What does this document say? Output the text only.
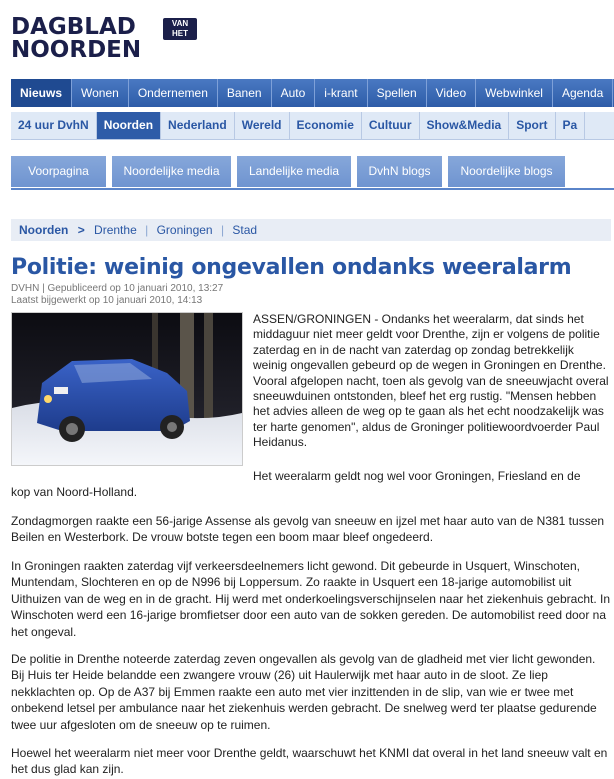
DAGBLAD	VAN HET
NOORDEN
Nieuws Wonen Ondernemen Banen Auto i-krant Spellen Video Webwinkel Agenda
24 uur DvhN Noorden Nederland Wereld Economie Cultuur Show&Media Sport Pa
Voorpagina	Noordelijke media	Landelijke media	DvhN blogs	Noordelijke blogs
Noorden > Drenthe | Groningen | Stad
Politie: weinig ongevallen ondanks weeralarm
DVHN | Gepubliceerd op 10 januari 2010, 13:27
Laatst bijgewerkt op 10 januari 2010, 14:13
ASSEN/GRONINGEN - Ondanks het weeralarm, dat sinds het middaguur niet meer geldt voor Drenthe, zijn er volgens de politie zaterdag en in de nacht van zaterdag op zondag betrekkelijk weinig ongevallen gebeurd op de wegen in Groningen en Drenthe. Vooral afgelopen nacht, toen als gevolg van de sneeuwjacht overal sneeuwduinen ontstonden, bleef het erg rustig. "Mensen hebben het advies alleen de weg op te gaan als het echt noodzakelijk was ter harte genomen", aldus de Groninger politiewoordvoerder Paul Heidanus.
Het weeralarm geldt nog wel voor Groningen, Friesland en de
kop van Noord-Holland.
Zondagmorgen raakte een 56-jarige Assense als gevolg van sneeuw en ijzel met haar auto van de N381 tussen Beilen en Westerbork. De vrouw botste tegen een boom maar bleef ongedeerd.
In Groningen raakten zaterdag vijf verkeersdeelnemers licht gewond. Dit gebeurde in Usquert, Winschoten, Muntendam, Slochteren en op de N996 bij Loppersum. Zo raakte in Usquert een 18-jarige automobilist uit Uithuizen van de weg en in de gracht. Hij werd met onderkoelingsverschijnselen naar het ziekenhuis gebracht. In Winschoten werd een 16-jarige bromfietser door een auto van de sokken gereden. De automobilist reed door na het ongeval.
De politie in Drenthe noteerde zaterdag zeven ongevallen als gevolg van de gladheid met vier licht gewonden. Bij Huis ter Heide belandde een zwangere vrouw (26) uit Haulerwijk met haar auto in de sloot. Ze liep nekklachten op. Op de A37 bij Emmen raakte een auto met vier inzittenden in de slip, van wie er twee met onbekend letsel per ambulance naar het ziekenhuis werden gebracht. De snelweg werd ter plaatse gedurende twee uur afgesloten om de sneeuw op te ruimen.
Hoewel het weeralarm niet meer voor Drenthe geldt, waarschuwt het KNMI dat overal in het land sneeuw valt en het dus glad kan zijn.
